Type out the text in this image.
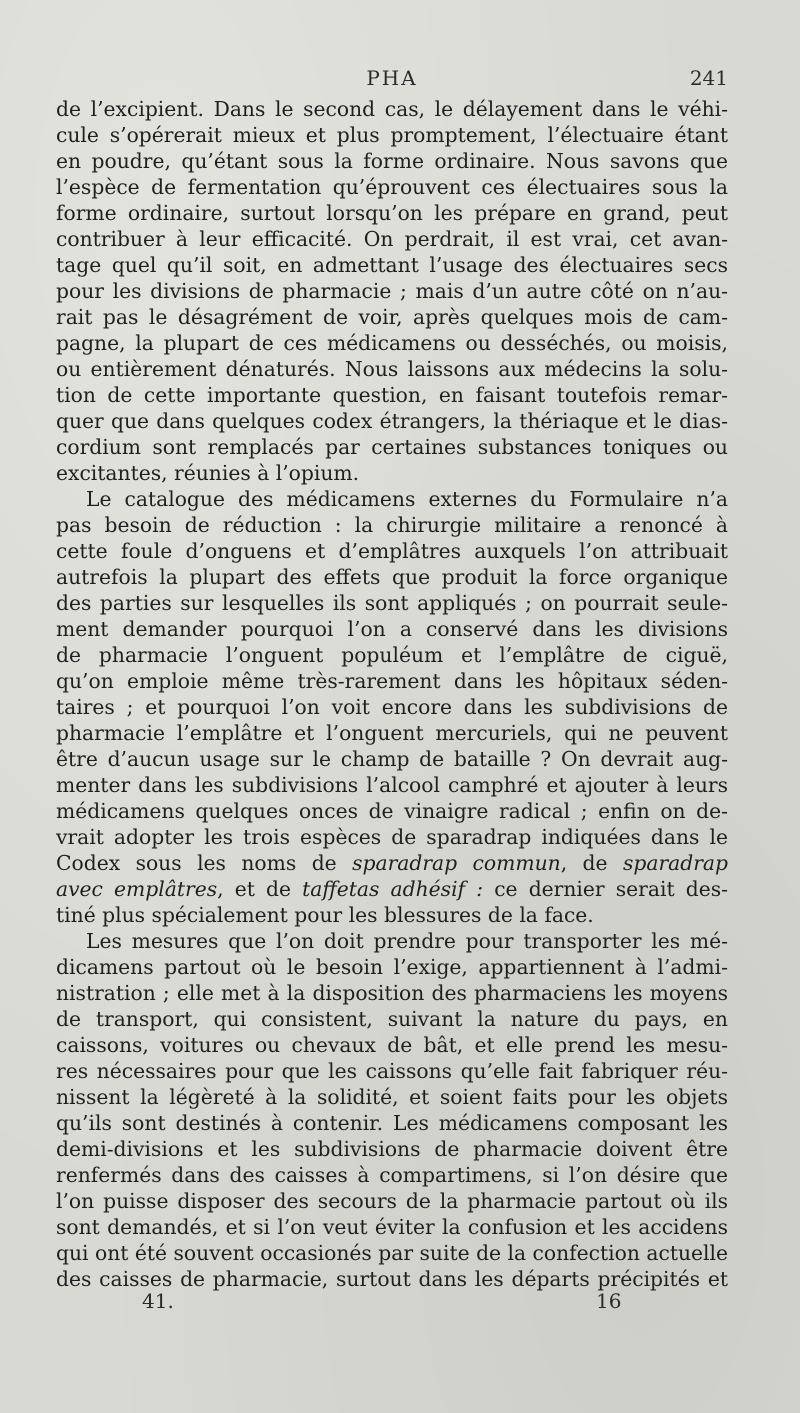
PHA	241
de l’excipient. Dans le second cas, le délayement dans le véhi-
cule s’opérerait mieux et plus promptement, l’électuaire étant
en poudre, qu’étant sous la forme ordinaire. Nous savons que
l’espèce de fermentation qu’éprouvent ces électuaires sous la
forme ordinaire, surtout lorsqu’on les prépare en grand, peut
contribuer à leur efficacité. On perdrait, il est vrai, cet avan-
tage quel qu’il soit, en admettant l’usage des électuaires secs
pour les divisions de pharmacie ; mais d’un autre côté on n’au-
rait pas le désagrément de voir, après quelques mois de cam-
pagne, la plupart de ces médicamens ou desséchés, ou moisis,
ou entièrement dénaturés. Nous laissons aux médecins la solu-
tion de cette importante question, en faisant toutefois remar-
quer que dans quelques codex étrangers, la thériaque et le dias-
cordium sont remplacés par certaines substances toniques ou
excitantes, réunies à l’opium.
Le catalogue des médicamens externes du Formulaire n’a
pas besoin de réduction : la chirurgie militaire a renoncé à
cette foule d’onguens et d’emplâtres auxquels l’on attribuait
autrefois la plupart des effets que produit la force organique
des parties sur lesquelles ils sont appliqués ; on pourrait seule-
ment demander pourquoi l’on a conservé dans les divisions
de pharmacie l’onguent populéum et l’emplâtre de ciguë,
qu’on emploie même très-rarement dans les hôpitaux séden-
taires ; et pourquoi l’on voit encore dans les subdivisions de
pharmacie l’emplâtre et l’onguent mercuriels, qui ne peuvent
être d’aucun usage sur le champ de bataille ? On devrait aug-
menter dans les subdivisions l’alcool camphré et ajouter à leurs
médicamens quelques onces de vinaigre radical ; enfin on de-
vrait adopter les trois espèces de sparadrap indiquées dans le
Codex sous les noms de sparadrap commun, de sparadrap
avec emplâtres, et de taffetas adhésif : ce dernier serait des-
tiné plus spécialement pour les blessures de la face.
Les mesures que l’on doit prendre pour transporter les mé-
dicamens partout où le besoin l’exige, appartiennent à l’admi-
nistration ; elle met à la disposition des pharmaciens les moyens
de transport, qui consistent, suivant la nature du pays, en
caissons, voitures ou chevaux de bât, et elle prend les mesu-
res nécessaires pour que les caissons qu’elle fait fabriquer réu-
nissent la légèreté à la solidité, et soient faits pour les objets
qu’ils sont destinés à contenir. Les médicamens composant les
demi-divisions et les subdivisions de pharmacie doivent être
renfermés dans des caisses à compartimens, si l’on désire que
l’on puisse disposer des secours de la pharmacie partout où ils
sont demandés, et si l’on veut éviter la confusion et les accidens
qui ont été souvent occasionés par suite de la confection actuelle
des caisses de pharmacie, surtout dans les départs précipités et
41.	16
